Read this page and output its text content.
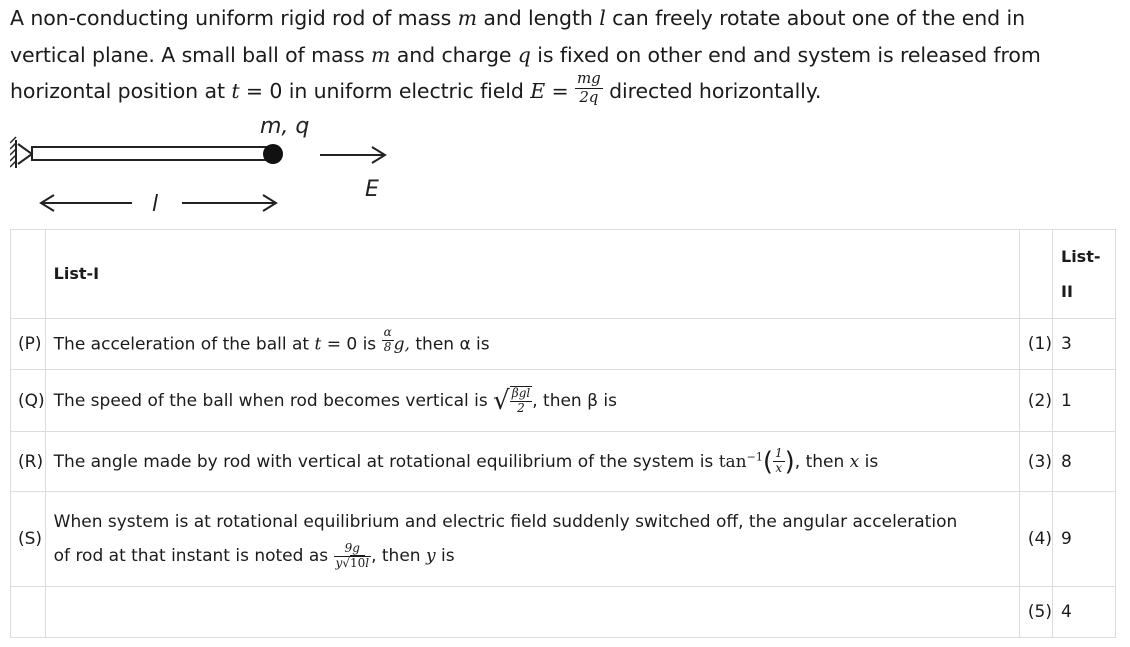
A non-conducting uniform rigid rod of mass m and length l can freely rotate about one of the end in
vertical plane. A small ball of mass m and charge q is fixed on other end and system is released from
horizontal position at t = 0 in uniform electric field $E = \frac{mg}{2q}$ directed horizontally.
m, q
E
l
	List-I		List-
II

(P)	The acceleration of the ball at t = 0 is $\frac{\alpha}{8} g$, then α is	(1)	3
(Q)	The speed of the ball when rod becomes vertical is √ $\frac{\text{βgl}}{2}$ , then β is	(2)	1
(R)	The angle made by rod with vertical at rotational equilibrium of the system is $\tan^{-1}( \frac{1}{x}$ ), then x is	(3)	8
(S)	When system is at rotational equilibrium and electric field suddenly switched off, the angular acceleration
of rod at that instant is noted as $\frac{9g}{y√10l}$ , then y is	(4)	9
		(5)	4
